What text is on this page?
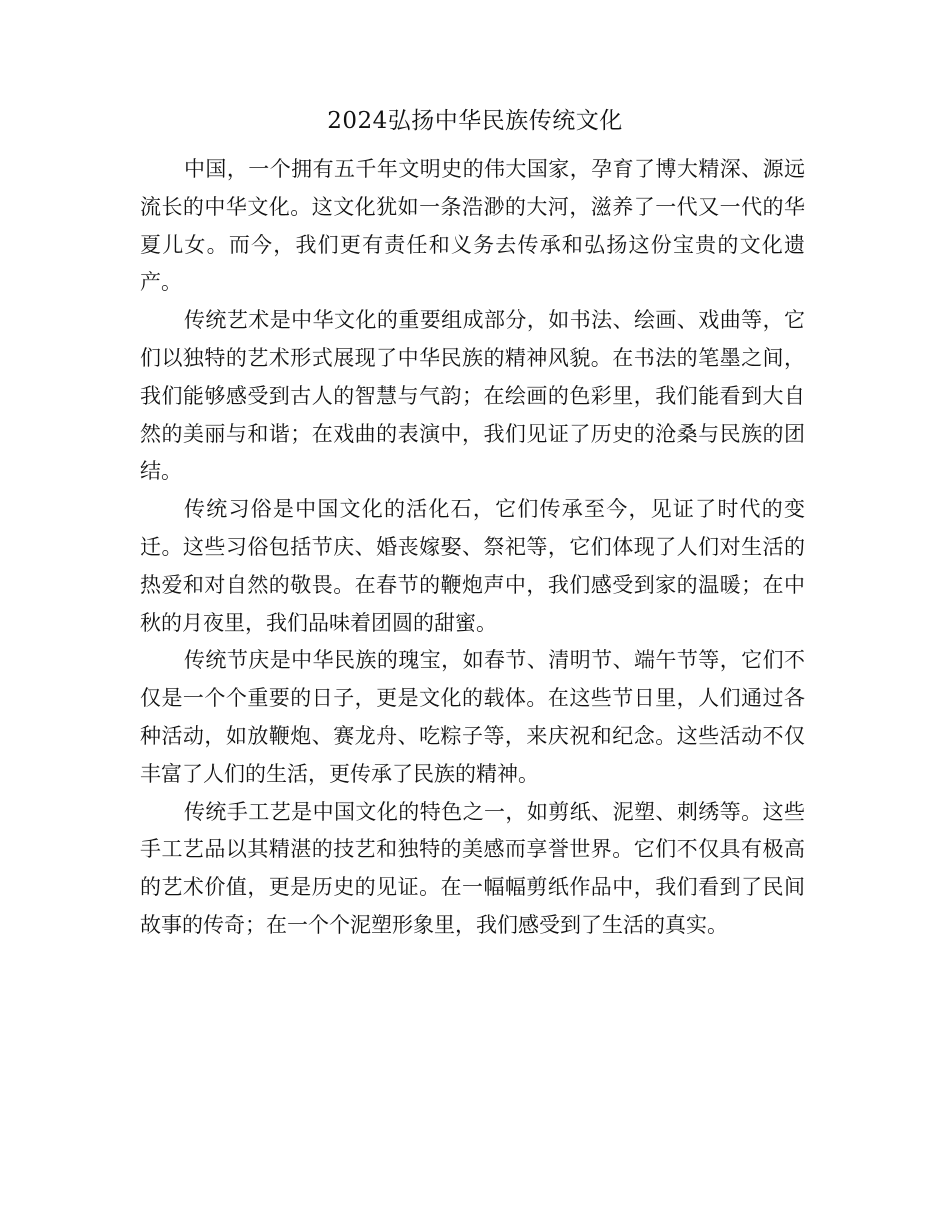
2024弘扬中华民族传统文化

中国，一个拥有五千年文明史的伟大国家，孕育了博大精深、源远流长的中华文化。这文化犹如一条浩渺的大河，滋养了一代又一代的华夏儿女。而今，我们更有责任和义务去传承和弘扬这份宝贵的文化遗产。

传统艺术是中华文化的重要组成部分，如书法、绘画、戏曲等，它们以独特的艺术形式展现了中华民族的精神风貌。在书法的笔墨之间，我们能够感受到古人的智慧与气韵；在绘画的色彩里，我们能看到大自然的美丽与和谐；在戏曲的表演中，我们见证了历史的沧桑与民族的团结。

传统习俗是中国文化的活化石，它们传承至今，见证了时代的变迁。这些习俗包括节庆、婚丧嫁娶、祭祀等，它们体现了人们对生活的热爱和对自然的敬畏。在春节的鞭炮声中，我们感受到家的温暖；在中秋的月夜里，我们品味着团圆的甜蜜。

传统节庆是中华民族的瑰宝，如春节、清明节、端午节等，它们不仅是一个个重要的日子，更是文化的载体。在这些节日里，人们通过各种活动，如放鞭炮、赛龙舟、吃粽子等，来庆祝和纪念。这些活动不仅丰富了人们的生活，更传承了民族的精神。

传统手工艺是中国文化的特色之一，如剪纸、泥塑、刺绣等。这些手工艺品以其精湛的技艺和独特的美感而享誉世界。它们不仅具有极高的艺术价值，更是历史的见证。在一幅幅剪纸作品中，我们看到了民间故事的传奇；在一个个泥塑形象里，我们感受到了生活的真实。
